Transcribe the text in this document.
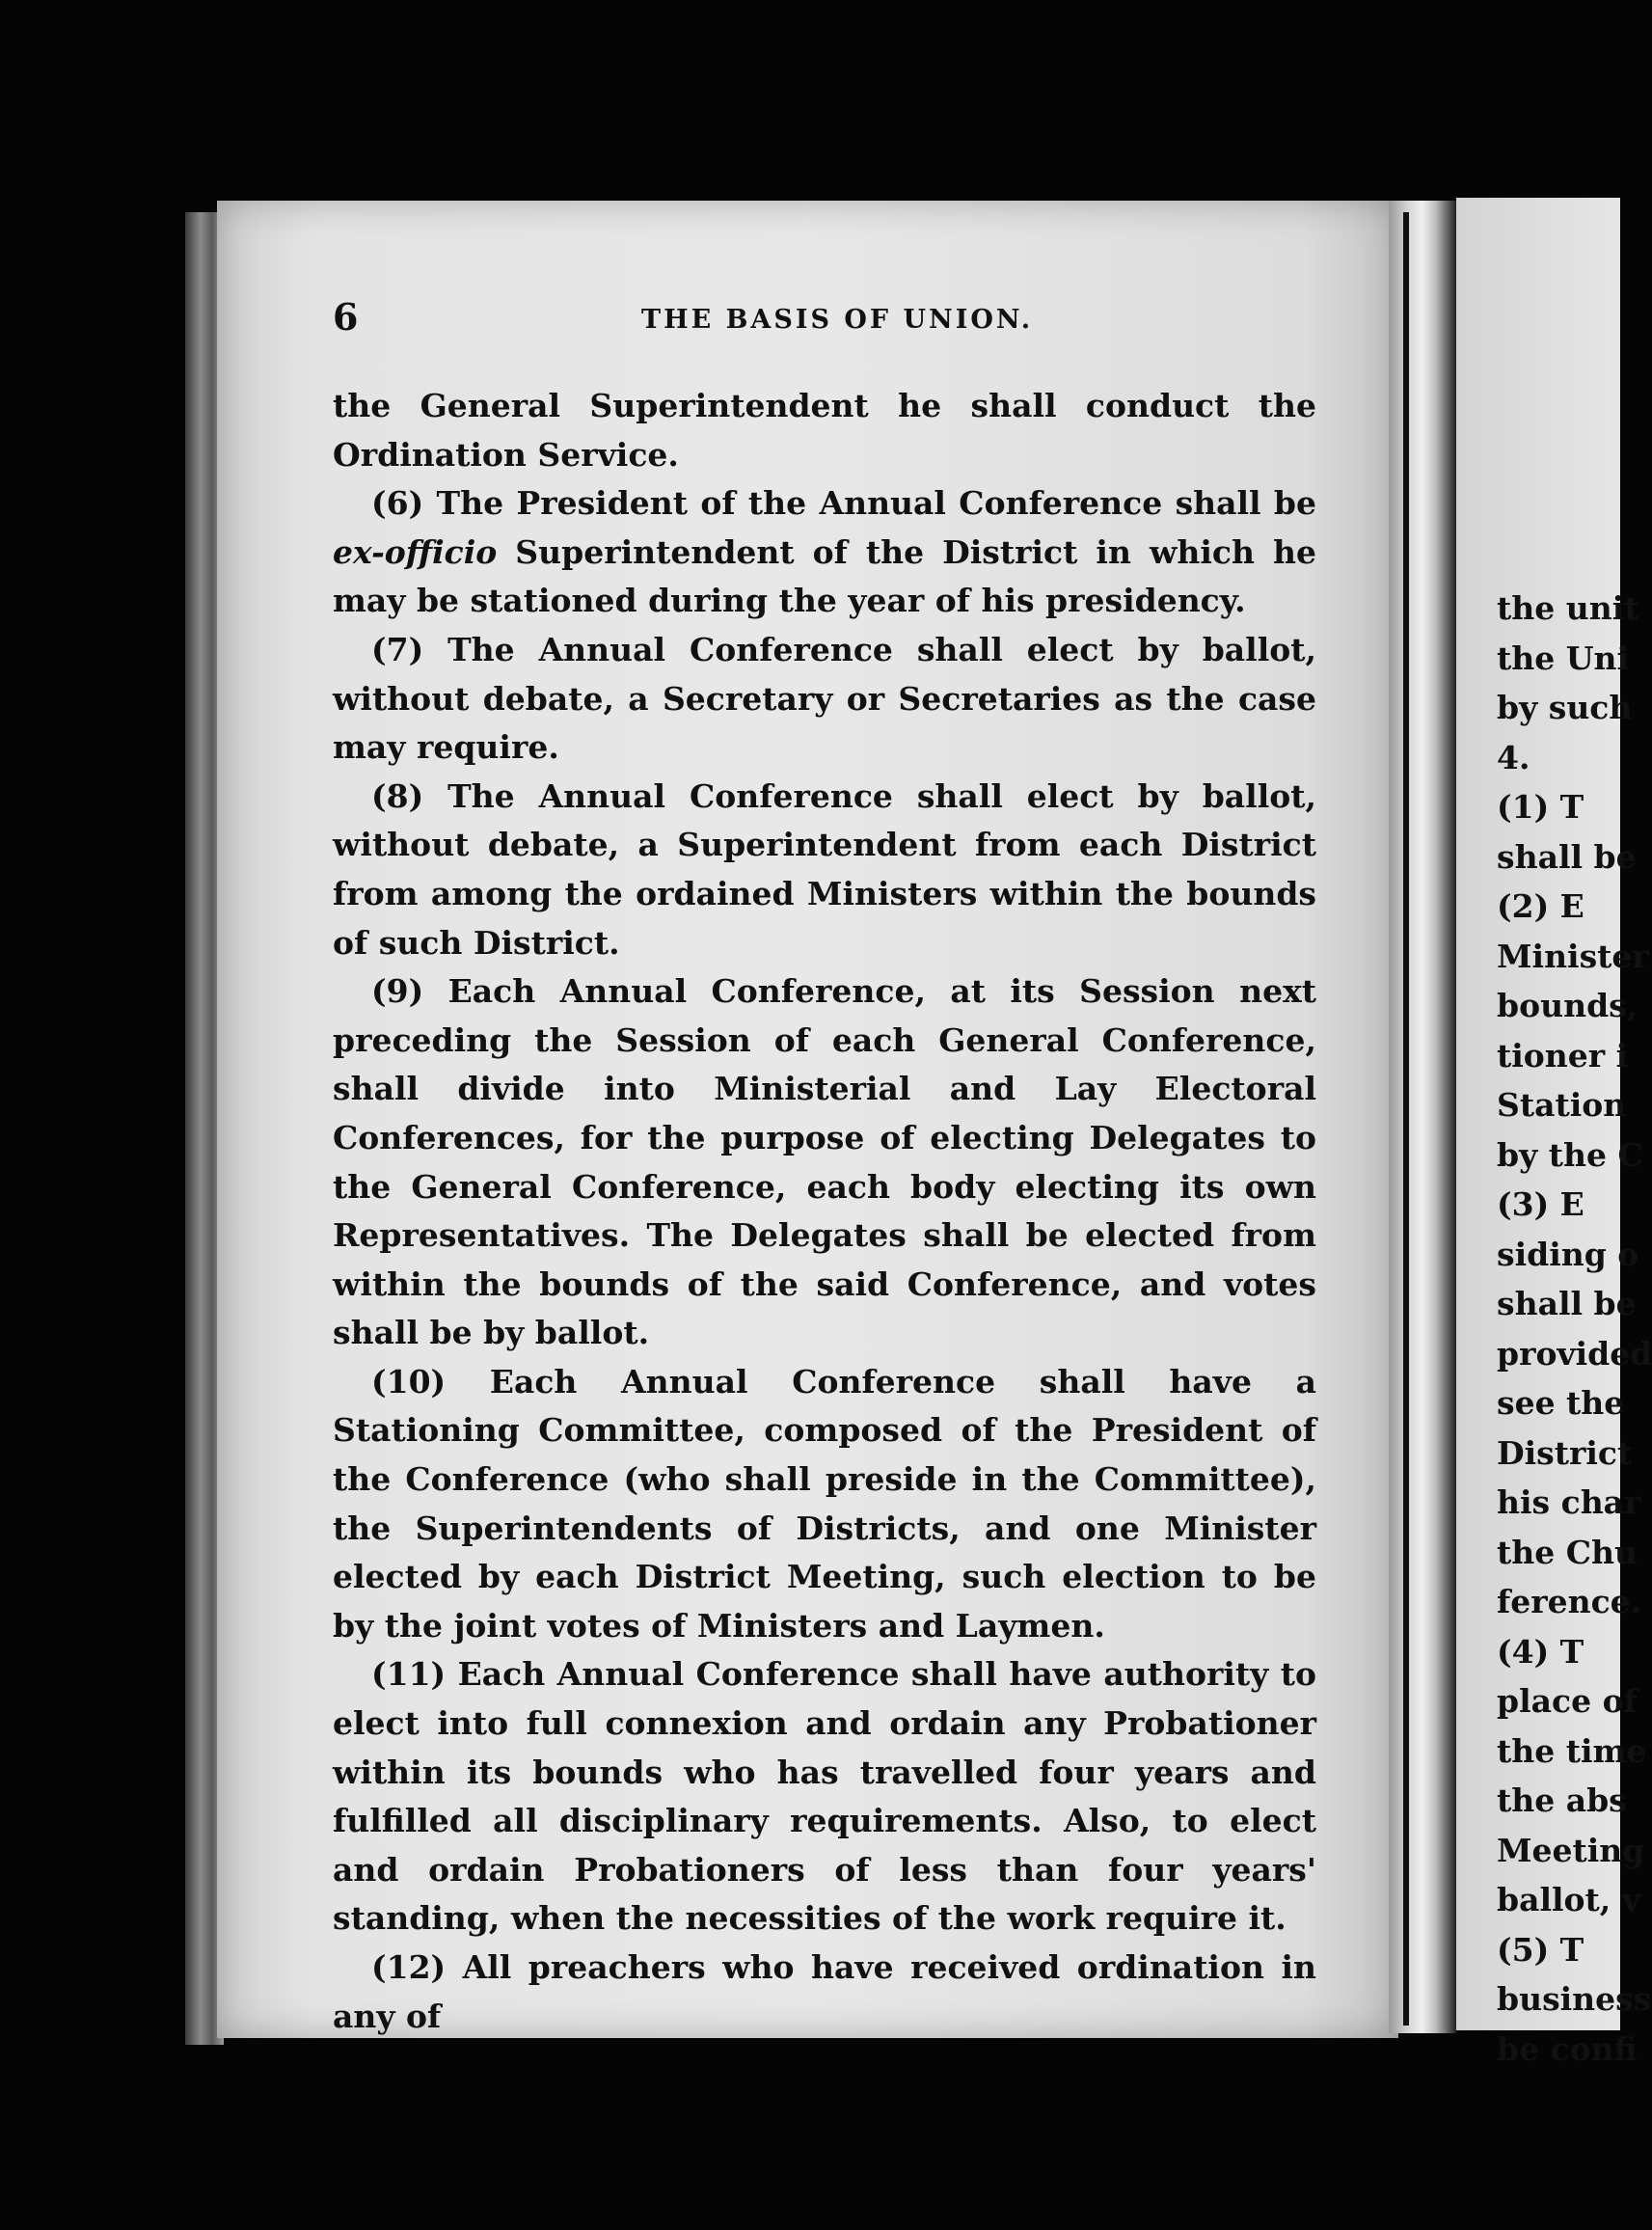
6	THE BASIS OF UNION.

the General Superintendent he shall conduct the Ordination Service.

(6) The President of the Annual Conference shall be ex-officio Superintendent of the District in which he may be stationed during the year of his presidency.

(7) The Annual Conference shall elect by ballot, without debate, a Secretary or Secretaries as the case may require.

(8) The Annual Conference shall elect by ballot, without debate, a Superintendent from each District from among the ordained Ministers within the bounds of such District.

(9) Each Annual Conference, at its Session next preceding the Session of each General Conference, shall divide into Ministerial and Lay Electoral Conferences, for the purpose of electing Delegates to the General Conference, each body electing its own Representatives. The Delegates shall be elected from within the bounds of the said Conference, and votes shall be by ballot.

(10) Each Annual Conference shall have a Stationing Committee, composed of the President of the Conference (who shall preside in the Committee), the Superintendents of Districts, and one Minister elected by each District Meeting, such election to be by the joint votes of Ministers and Laymen.

(11) Each Annual Conference shall have authority to elect into full connexion and ordain any Probationer within its bounds who has travelled four years and fulfilled all disciplinary requirements. Also, to elect and ordain Probationers of less than four years' standing, when the necessities of the work require it.

(12) All preachers who have received ordination in any of

the unit
the Uni
by such
4.
(1) T
shall be
(2) E
Minister
bounds,
tioner i
Station
by the C
(3) E
siding o
shall be
provided
see the
District
his char
the Chu
ference.
(4) T
place of
the time
the abs
Meeting
ballot, v
(5) T
business
be confi
